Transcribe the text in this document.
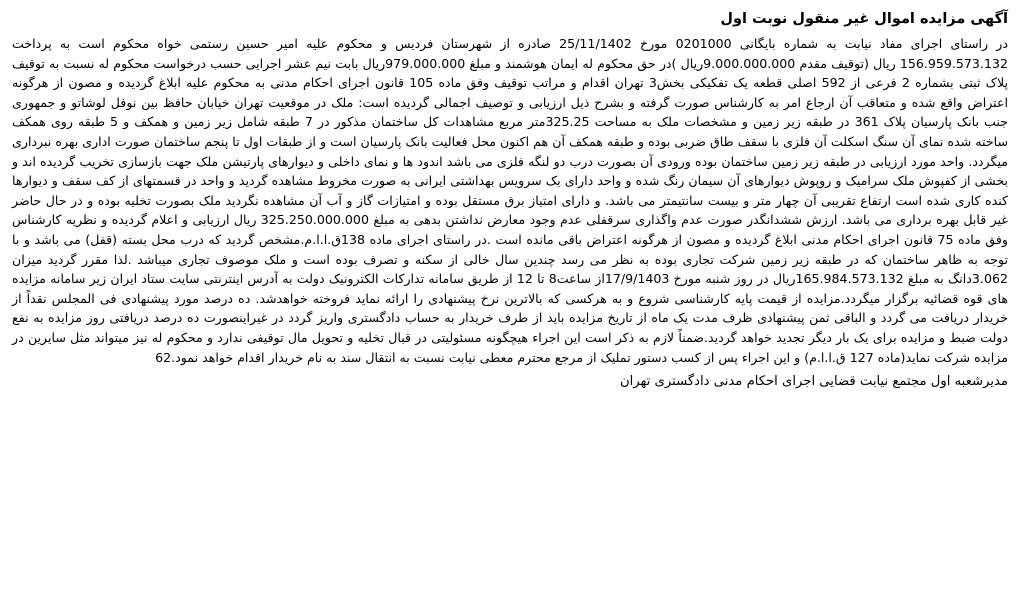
آگهی مزایده اموال غیر منقول نوبت اول

در راستای اجرای مفاد نیابت به شماره بایگانی 0201000 مورخ 25/11/1402 صادره از شهرستان فردیس و محکوم علیه امیر حسین رستمی خواه محکوم است به پرداخت 156.959.573.132 ریال (توقیف مقدم 9.000.000.000ریال )در حق محکوم له ایمان هوشمند و مبلغ 979.000.000ریال بابت نیم عشر اجرایی حسب درخواست محکوم له نسبت به توقیف پلاک ثبتی بشماره 2 فرعی از 592 اصلی قطعه یک تفکیکی بخش3 تهران اقدام و مراتب توقیف وفق ماده 105 قانون اجرای احکام مدنی به محکوم علیه ابلاغ گردیده و مصون از هرگونه اعتراض واقع شده و متعاقب آن ارجاع امر به کارشناس صورت گرفته و بشرح ذیل ارزیابی و توصیف اجمالی گردیده است: ملک در موقعیت تهران خیابان حافظ بین نوفل لوشاتو و جمهوری جنب بانک پارسیان پلاک 361 در طبقه زیر زمین و مشخصات ملک به مساحت 325.25متر مربع مشاهدات کل ساختمان مذکور در 7 طبقه شامل زیر زمین و همکف و 5 طبقه روی همکف ساخته شده نمای آن سنگ اسکلت آن فلزی با سقف طاق ضربی بوده و طبقه همکف آن هم اکنون محل فعالیت بانک پارسیان است و از طبقات اول تا پنجم ساختمان صورت اداری بهره نبرداری میگردد. واحد مورد ارزیابی در طبقه زیر زمین ساختمان بوده ورودی آن بصورت درب دو لنگه فلزی می باشد اندود ها و نمای داخلی و دیوارهای پارتیشن ملک جهت بازسازی تخریب گردیده اند و بخشی از کفپوش ملک سرامیک و روپوش دیوارهای آن سیمان رنگ شده و واحد دارای یک سرویس بهداشتی ایرانی به صورت مخروط مشاهده گردید و واحد در قسمتهای از کف سقف و دیوارها کنده کاری شده است ارتفاع تقریبی آن چهار متر و بیست سانتیمتر می باشد. و دارای امتیاز برق مستقل بوده و امتیازات گاز و آب آن مشاهده نگردید ملک بصورت تخلیه بوده و در حال حاضر غیر قابل بهره برداری می باشد. ارزش ششدانگدر صورت عدم واگذاری سرقفلی عدم وجود معارض نداشتن بدهی به مبلغ 325.250.000.000 ریال ارزیابی و اعلام گردیده و نظریه کارشناس وفق ماده 75 قانون اجرای احکام مدنی ابلاغ گردیده و مصون از هرگونه اعتراض باقی مانده است .در راستای اجرای ماده 138ق.ا.ا.م.مشخص گردید که درب محل بسته (قفل) می باشد و با توجه به ظاهر ساختمان که در طبقه زیر زمین شرکت تجاری بوده به نظر می رسد چندین سال خالی از سکنه و تصرف بوده است و ملک موصوف تجاری میباشد .لذا مقرر گردید میزان 3.062دانگ به مبلغ 165.984.573.132ریال در روز شنبه مورخ 17/9/1403از ساعت8 تا 12 از طریق سامانه تدارکات الکترونیک دولت به آدرس اینترنتی سایت ستاد ایران زیر سامانه مزایده های قوه قضائیه برگزار میگردد.مزایده از قیمت پایه کارشناسی شروع و به هرکسی که بالاترین نرخ پیشنهادی را ارائه نماید فروخته خواهدشد. ده درصد مورد پیشنهادی فی المجلس نقداً از خریدار دریافت می گردد و الباقی ثمن پیشنهادی ظرف مدت یک ماه از تاریخ مزایده باید از طرف خریدار به حساب دادگستری واریز گردد در غیراینصورت ده درصد دریافتی روز مزایده به نفع دولت ضبط و مزایده برای یک بار دیگر تجدید خواهد گردید.ضمناً لازم به ذکر است این اجراء هیچگونه مسئولیتی در قبال تخلیه و تحویل مال توقیفی ندارد و محکوم له نیز میتواند مثل سایرین در مزایده شرکت نماید(ماده 127 ق.ا.ا.م) و این اجراء پس از کسب دستور تملیک از مرجع محترم معطی نیابت نسبت به انتقال سند به نام خریدار اقدام خواهد نمود.62

مدیرشعبه اول مجتمع نیابت قضایی اجرای احکام مدنی دادگستری تهران
